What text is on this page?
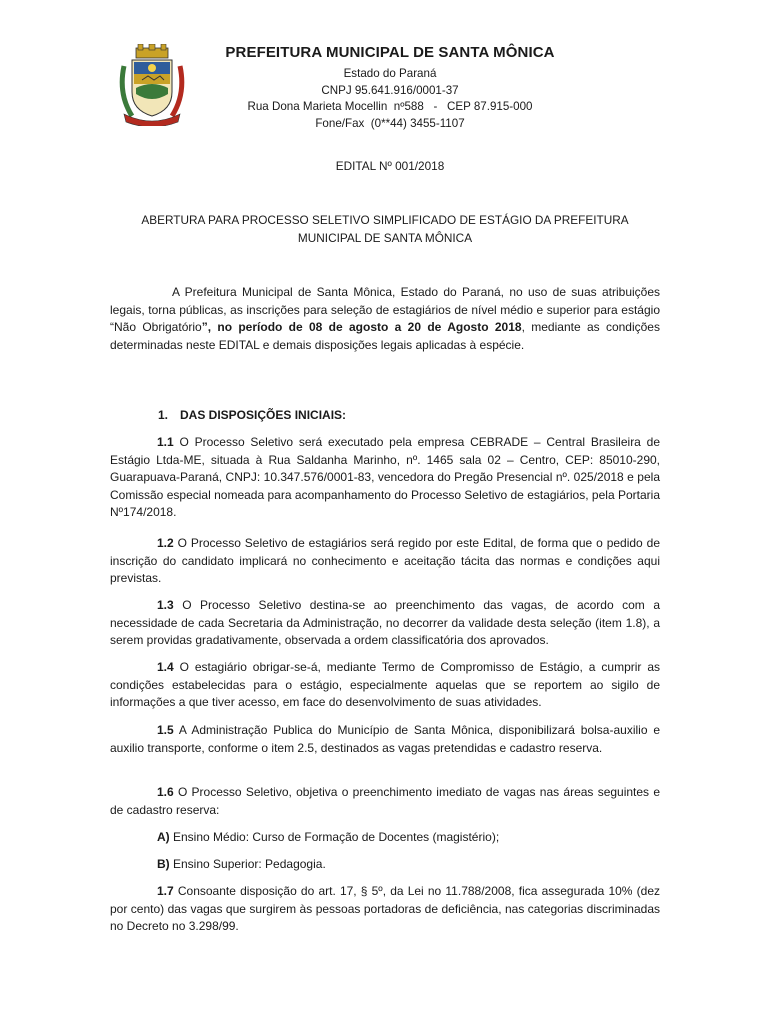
PREFEITURA MUNICIPAL DE SANTA MÔNICA
Estado do Paraná
CNPJ 95.641.916/0001-37
Rua Dona Marieta Mocellin  nº588   -   CEP 87.915-000
Fone/Fax  (0**44) 3455-1107
EDITAL Nº 001/2018
ABERTURA PARA PROCESSO SELETIVO SIMPLIFICADO DE ESTÁGIO DA PREFEITURA MUNICIPAL DE SANTA MÔNICA
A Prefeitura Municipal de Santa Mônica, Estado do Paraná, no uso de suas atribuições legais, torna públicas, as inscrições para seleção de estagiários de nível médio e superior para estágio “Não Obrigatório”, no período de 08 de agosto a 20 de Agosto 2018, mediante as condições determinadas neste EDITAL e demais disposições legais aplicadas à espécie.
1. DAS DISPOSIÇÕES INICIAIS:
1.1 O Processo Seletivo será executado pela empresa CEBRADE – Central Brasileira de Estágio Ltda-ME, situada à Rua Saldanha Marinho, nº. 1465 sala 02 – Centro, CEP: 85010-290, Guarapuava-Paraná, CNPJ: 10.347.576/0001-83, vencedora do Pregão Presencial nº. 025/2018 e pela Comissão especial nomeada para acompanhamento do Processo Seletivo de estagiários, pela Portaria Nº174/2018.
1.2 O Processo Seletivo de estagiários será regido por este Edital, de forma que o pedido de inscrição do candidato implicará no conhecimento e aceitação tácita das normas e condições aqui previstas.
1.3 O Processo Seletivo destina-se ao preenchimento das vagas, de acordo com a necessidade de cada Secretaria da Administração, no decorrer da validade desta seleção (item 1.8), a serem providas gradativamente, observada a ordem classificatória dos aprovados.
1.4 O estagiário obrigar-se-á, mediante Termo de Compromisso de Estágio, a cumprir as condições estabelecidas para o estágio, especialmente aquelas que se reportem ao sigilo de informações a que tiver acesso, em face do desenvolvimento de suas atividades.
1.5 A Administração Publica do Município de Santa Mônica, disponibilizará bolsa-auxilio e auxilio transporte, conforme o item 2.5, destinados as vagas pretendidas e cadastro reserva.
1.6 O Processo Seletivo, objetiva o preenchimento imediato de vagas nas áreas seguintes e de cadastro reserva:
A) Ensino Médio: Curso de Formação de Docentes (magistério);
B) Ensino Superior: Pedagogia.
1.7 Consoante disposição do art. 17, § 5º, da Lei no 11.788/2008, fica assegurada 10% (dez por cento) das vagas que surgirem às pessoas portadoras de deficiência, nas categorias discriminadas no Decreto no 3.298/99.
